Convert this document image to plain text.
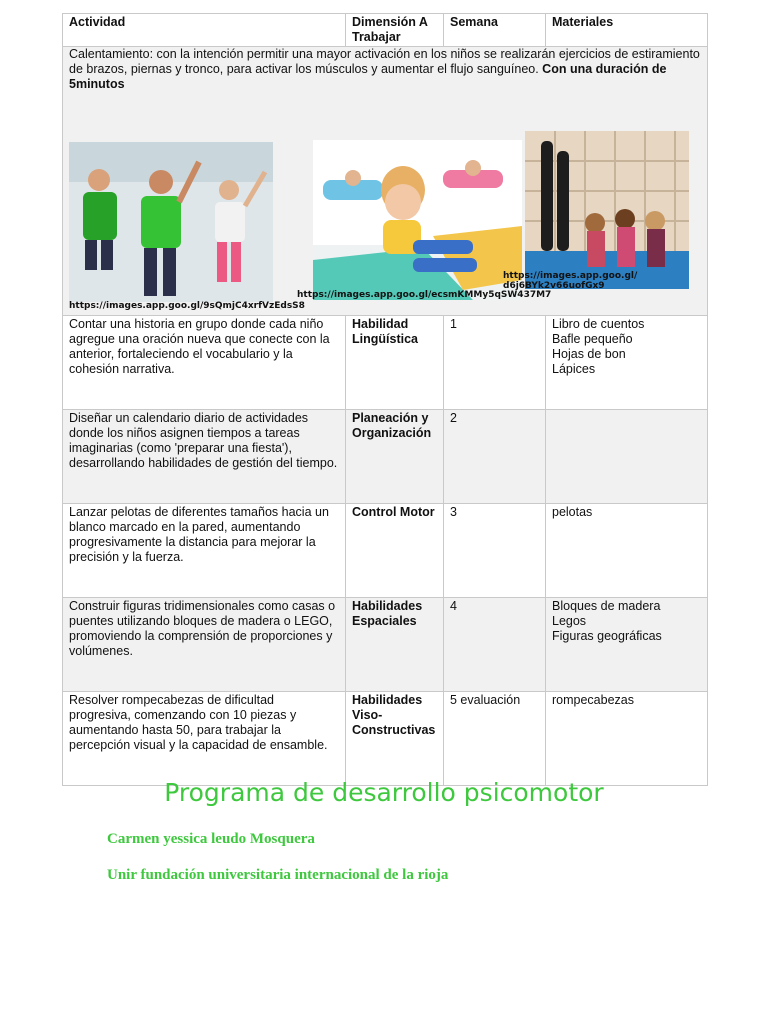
Actividad	Dimensión A Trabajar	Semana	Materiales

Calentamiento: con la intención permitir una mayor activación en los niños se realizarán ejercicios de estiramiento de brazos, piernas y tronco, para activar los músculos y aumentar el flujo sanguíneo. Con una duración de 5minutos
https://images.app.goo.gl/9sQmjC4xrfVzEdsS8
https://images.app.goo.gl/ecsmKMMy5qSW437M7
https://images.app.goo.gl/ d6j6BYk2v66uofGx9			

Contar una historia en grupo donde cada niño agregue una oración nueva que conecte con la anterior, fortaleciendo el vocabulario y la cohesión narrativa.	Habilidad Lingüística	1	Libro de cuentos
Bafle pequeño
Hojas de bon
Lápices

Diseñar un calendario diario de actividades donde los niños asignen tiempos a tareas imaginarias (como 'preparar una fiesta'), desarrollando habilidades de gestión del tiempo.	Planeación y Organización	2	
Lanzar pelotas de diferentes tamaños hacia un blanco marcado en la pared, aumentando progresivamente la distancia para mejorar la precisión y la fuerza.	Control Motor	3	pelotas

Construir figuras tridimensionales como casas o puentes utilizando bloques de madera o LEGO, promoviendo la comprensión de proporciones y volúmenes.	Habilidades Espaciales	4	Bloques de madera
Legos
Figuras geográficas

Resolver rompecabezas de dificultad progresiva, comenzando con 10 piezas y aumentando hasta 50, para trabajar la percepción visual y la capacidad de ensamble.	Habilidades Viso-Constructivas	5 evaluación	rompecabezas
Programa de desarrollo psicomotor
Carmen yessica leudo Mosquera
Unir fundación universitaria internacional de la rioja
